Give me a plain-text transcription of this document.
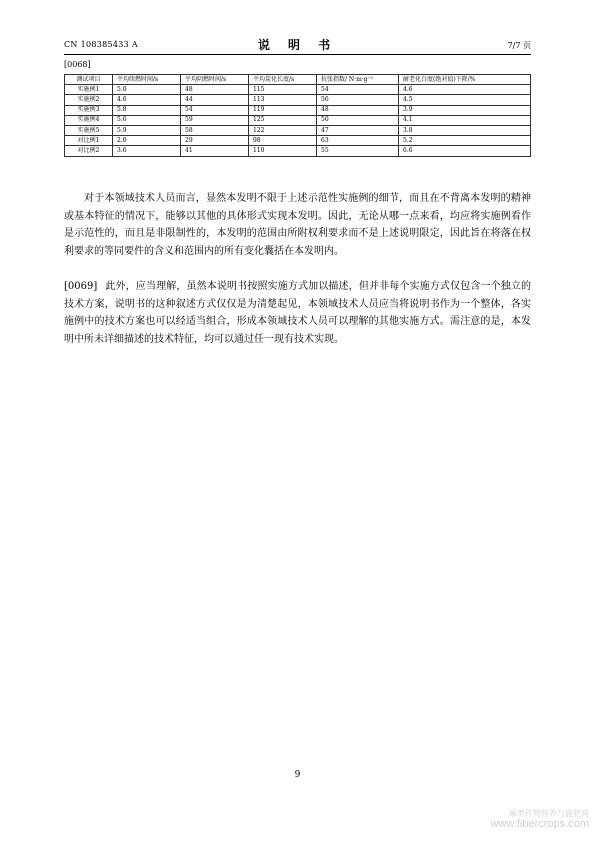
CN 108385433 A	说 明 书	7/7 页
[0068]
测试项目	平均续燃时间/s	平均阴燃时间/s	平均炭化长度/s	抗张指数/ N·m·g⁻¹	耐老化白度(绝对值)下降/%
实施例1	5.0	48	115	54	4.6
实施例2	4.6	44	113	56	4.5
实施例3	5.8	54	119	48	3.9
实施例4	5.6	59	125	50	4.1
实施例5	5.9	58	122	47	3.8
对比例1	2.0	29	98	63	5.2
对比例2	3.6	41	110	55	6.6
对于本领域技术人员而言，显然本发明不限于上述示范性实施例的细节，而且在不背离本发明的精神或基本特征的情况下，能够以其他的具体形式实现本发明。因此，无论从哪一点来看，均应将实施例看作是示范性的，而且是非限制性的，本发明的范围由所附权利要求而不是上述说明限定，因此旨在将落在权利要求的等同要件的含义和范围内的所有变化囊括在本发明内。
[0069] 此外，应当理解，虽然本说明书按照实施方式加以描述，但并非每个实施方式仅包含一个独立的技术方案，说明书的这种叙述方式仅仅是为清楚起见，本领域技术人员应当将说明书作为一个整体，各实施例中的技术方案也可以经适当组合，形成本领域技术人员可以理解的其他实施方式。需注意的是，本发明中所未详细描述的技术特征，均可以通过任一现有技术实现。
9
麻类作物营养与施肥网
www.fibercrops.com
